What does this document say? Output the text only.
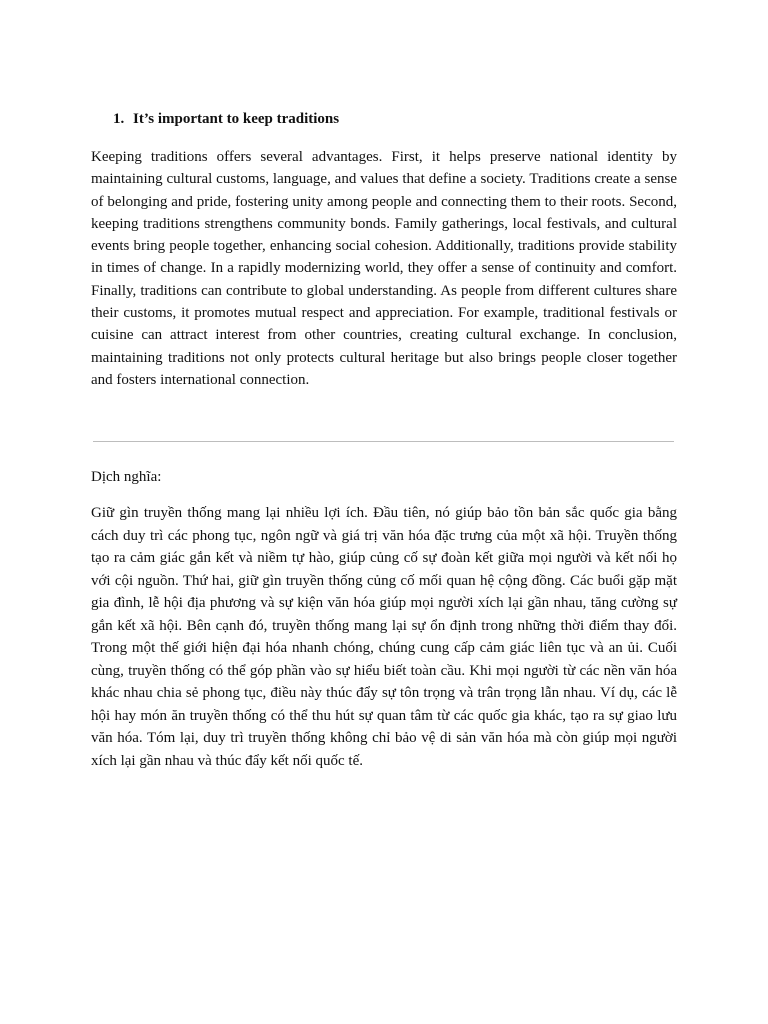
1. It’s important to keep traditions

Keeping traditions offers several advantages. First, it helps preserve national identity by maintaining cultural customs, language, and values that define a society. Traditions create a sense of belonging and pride, fostering unity among people and connecting them to their roots. Second, keeping traditions strengthens community bonds. Family gatherings, local festivals, and cultural events bring people together, enhancing social cohesion. Additionally, traditions provide stability in times of change. In a rapidly modernizing world, they offer a sense of continuity and comfort. Finally, traditions can contribute to global understanding. As people from different cultures share their customs, it promotes mutual respect and appreciation. For example, traditional festivals or cuisine can attract interest from other countries, creating cultural exchange. In conclusion, maintaining traditions not only protects cultural heritage but also brings people closer together and fosters international connection.

Dịch nghĩa:

Giữ gìn truyền thống mang lại nhiều lợi ích. Đầu tiên, nó giúp bảo tồn bản sắc quốc gia bằng cách duy trì các phong tục, ngôn ngữ và giá trị văn hóa đặc trưng của một xã hội. Truyền thống tạo ra cảm giác gắn kết và niềm tự hào, giúp củng cố sự đoàn kết giữa mọi người và kết nối họ với cội nguồn. Thứ hai, giữ gìn truyền thống củng cố mối quan hệ cộng đồng. Các buổi gặp mặt gia đình, lễ hội địa phương và sự kiện văn hóa giúp mọi người xích lại gần nhau, tăng cường sự gắn kết xã hội. Bên cạnh đó, truyền thống mang lại sự ổn định trong những thời điểm thay đổi. Trong một thế giới hiện đại hóa nhanh chóng, chúng cung cấp cảm giác liên tục và an ủi. Cuối cùng, truyền thống có thể góp phần vào sự hiểu biết toàn cầu. Khi mọi người từ các nền văn hóa khác nhau chia sẻ phong tục, điều này thúc đẩy sự tôn trọng và trân trọng lẫn nhau. Ví dụ, các lễ hội hay món ăn truyền thống có thể thu hút sự quan tâm từ các quốc gia khác, tạo ra sự giao lưu văn hóa. Tóm lại, duy trì truyền thống không chỉ bảo vệ di sản văn hóa mà còn giúp mọi người xích lại gần nhau và thúc đẩy kết nối quốc tế.
